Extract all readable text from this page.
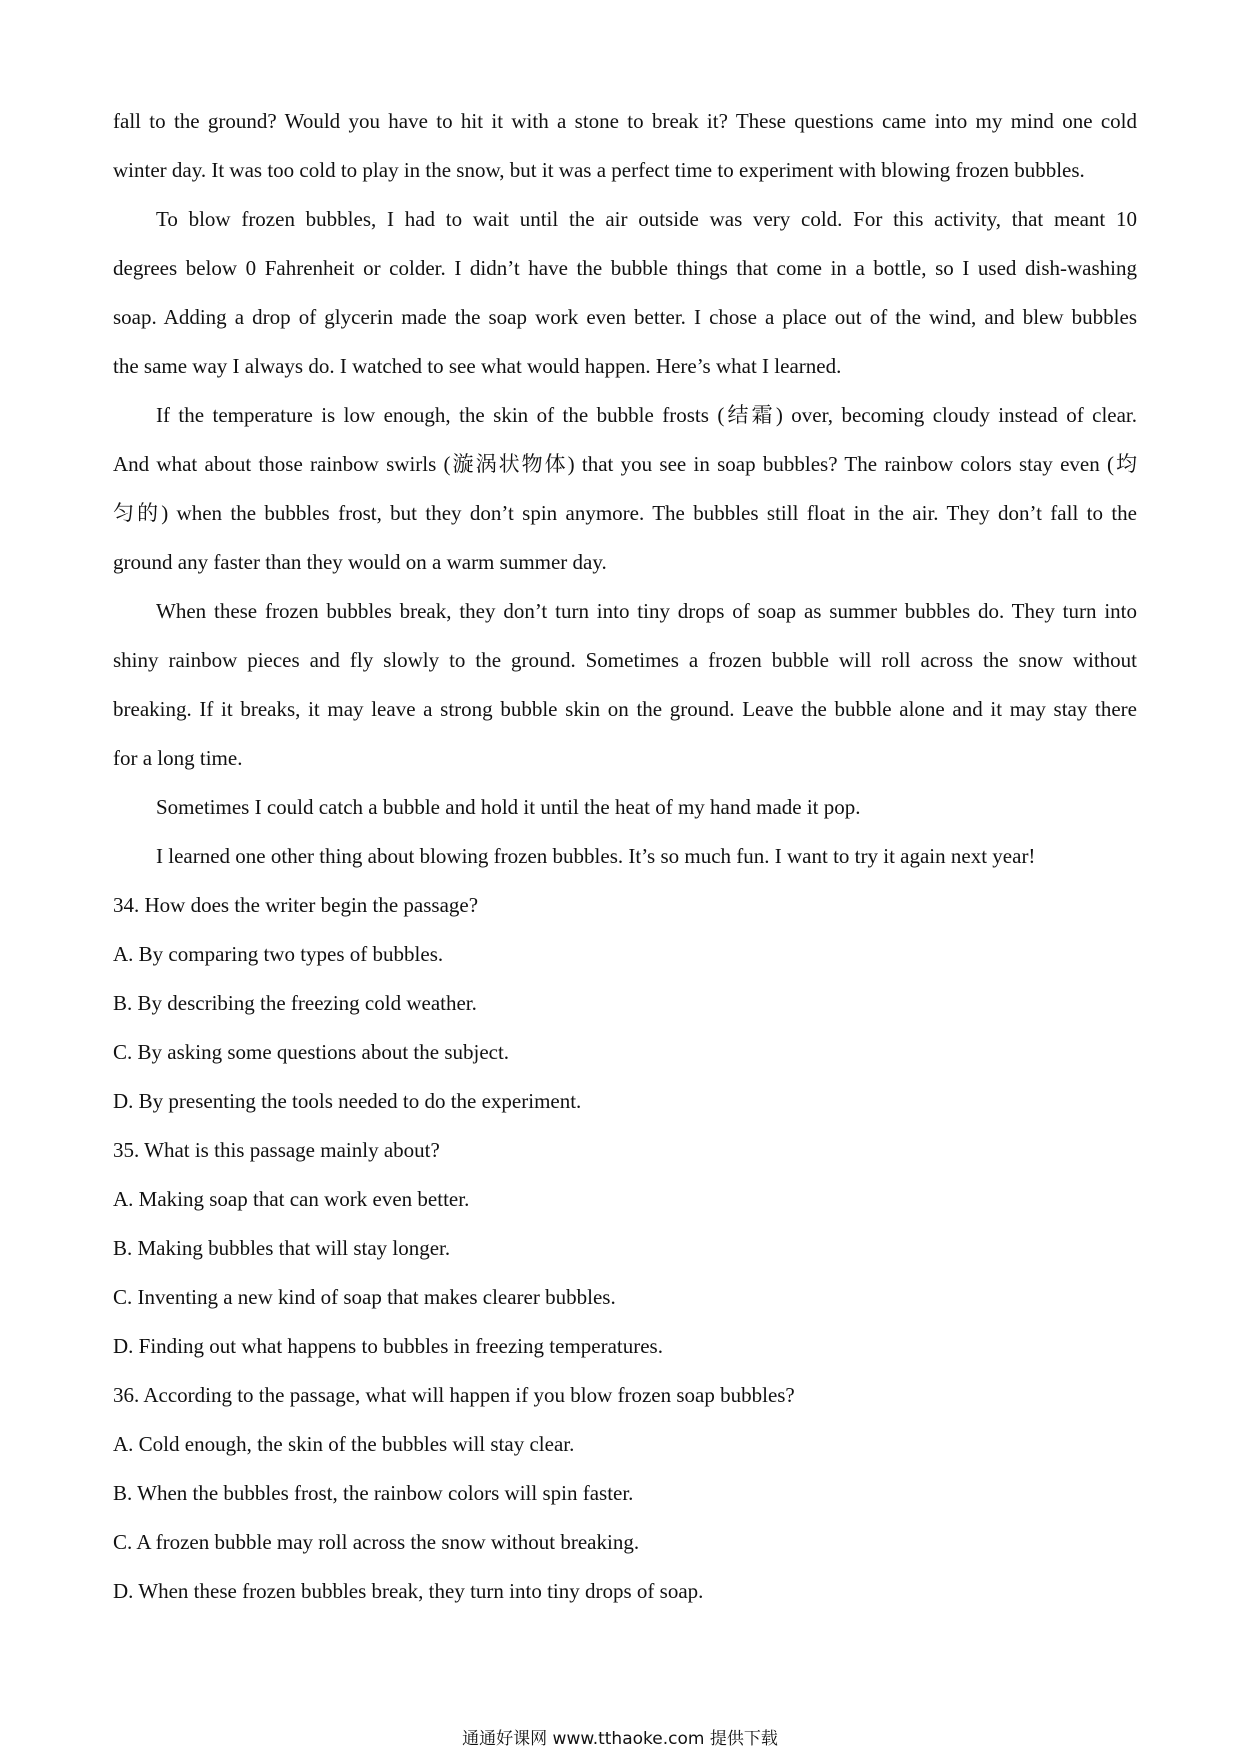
fall to the ground? Would you have to hit it with a stone to break it? These questions came into my mind one cold
winter day. It was too cold to play in the snow, but it was a perfect time to experiment with blowing frozen bubbles.
To blow frozen bubbles, I had to wait until the air outside was very cold. For this activity, that meant 10
degrees below 0 Fahrenheit or colder. I didn’t have the bubble things that come in a bottle, so I used dish-washing
soap. Adding a drop of glycerin made the soap work even better. I chose a place out of the wind, and blew bubbles
the same way I always do. I watched to see what would happen. Here’s what I learned.
If the temperature is low enough, the skin of the bubble frosts (结霜) over, becoming cloudy instead of clear.
And what about those rainbow swirls (漩涡状物体) that you see in soap bubbles? The rainbow colors stay even (均
匀的) when the bubbles frost, but they don’t spin anymore. The bubbles still float in the air. They don’t fall to the
ground any faster than they would on a warm summer day.
When these frozen bubbles break, they don’t turn into tiny drops of soap as summer bubbles do. They turn into
shiny rainbow pieces and fly slowly to the ground. Sometimes a frozen bubble will roll across the snow without
breaking. If it breaks, it may leave a strong bubble skin on the ground. Leave the bubble alone and it may stay there
for a long time.
Sometimes I could catch a bubble and hold it until the heat of my hand made it pop.
I learned one other thing about blowing frozen bubbles. It’s so much fun. I want to try it again next year!
34. How does the writer begin the passage?
A. By comparing two types of bubbles.
B. By describing the freezing cold weather.
C. By asking some questions about the subject.
D. By presenting the tools needed to do the experiment.
35. What is this passage mainly about?
A. Making soap that can work even better.
B. Making bubbles that will stay longer.
C. Inventing a new kind of soap that makes clearer bubbles.
D. Finding out what happens to bubbles in freezing temperatures.
36. According to the passage, what will happen if you blow frozen soap bubbles?
A. Cold enough, the skin of the bubbles will stay clear.
B. When the bubbles frost, the rainbow colors will spin faster.
C. A frozen bubble may roll across the snow without breaking.
D. When these frozen bubbles break, they turn into tiny drops of soap.
通通好课网 www.tthaoke.com 提供下载
